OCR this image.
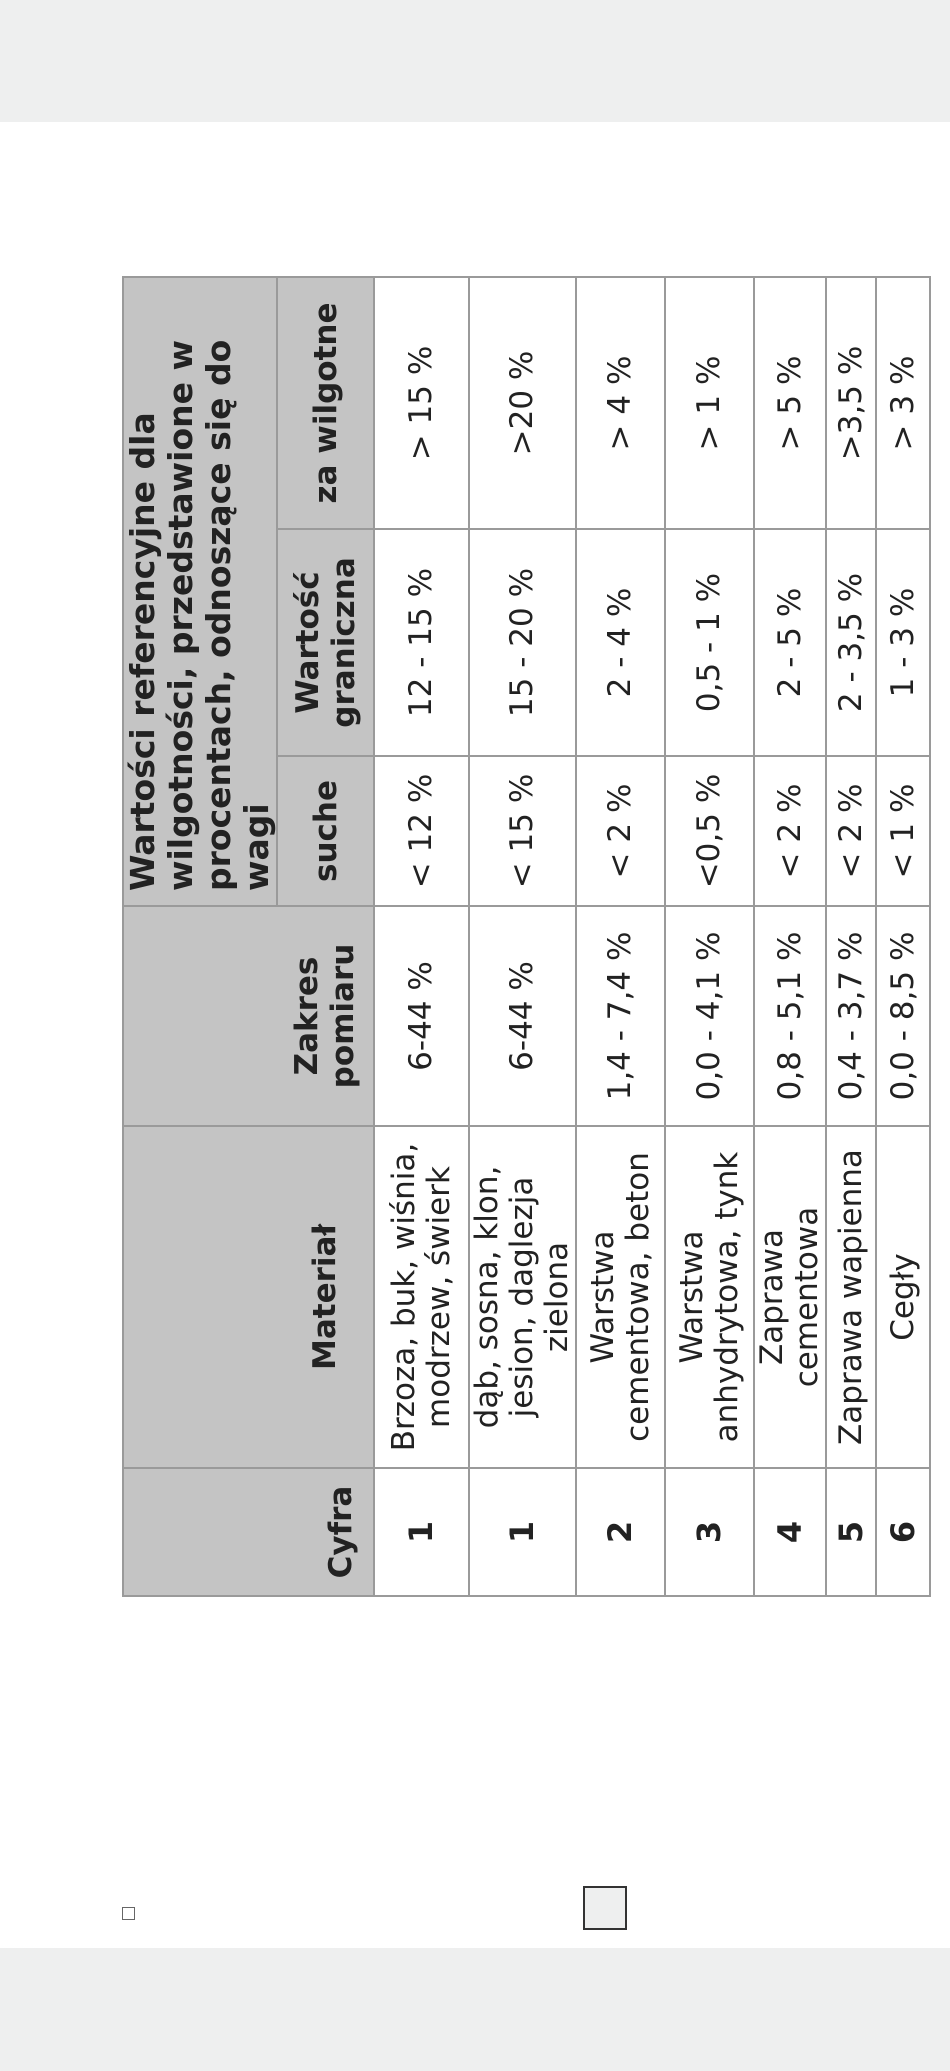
Cyfra			Wartości referencyjne dla wilgotności, przedstawione w procentach, odnoszące się do wagi		
	Materiał	Zakres pomiaru	suche	Wartość graniczna	za wilgotne
1	Brzoza, buk, wiśnia, modrzew, świerk	6-44 %	< 12 %	12 - 15 %	> 15 %
1	dąb, sosna, klon, jesion, daglezja zielona	6-44 %	< 15 %	15 - 20 %	>20 %
2	Warstwa cementowa, beton	1,4 - 7,4 %	< 2 %	2 - 4 %	> 4 %
3	Warstwa anhydrytowa, tynk	0,0 - 4,1 %	<0,5 %	0,5 - 1 %	> 1 %
4	Zaprawa cementowa	0,8 - 5,1 %	< 2 %	2 - 5 %	> 5 %
5	Zaprawa wapienna	0,4 - 3,7 %	< 2 %	2 - 3,5 %	>3,5 %
6	Cegły	0,0 - 8,5 %	< 1 %	1 - 3 %	> 3 %
